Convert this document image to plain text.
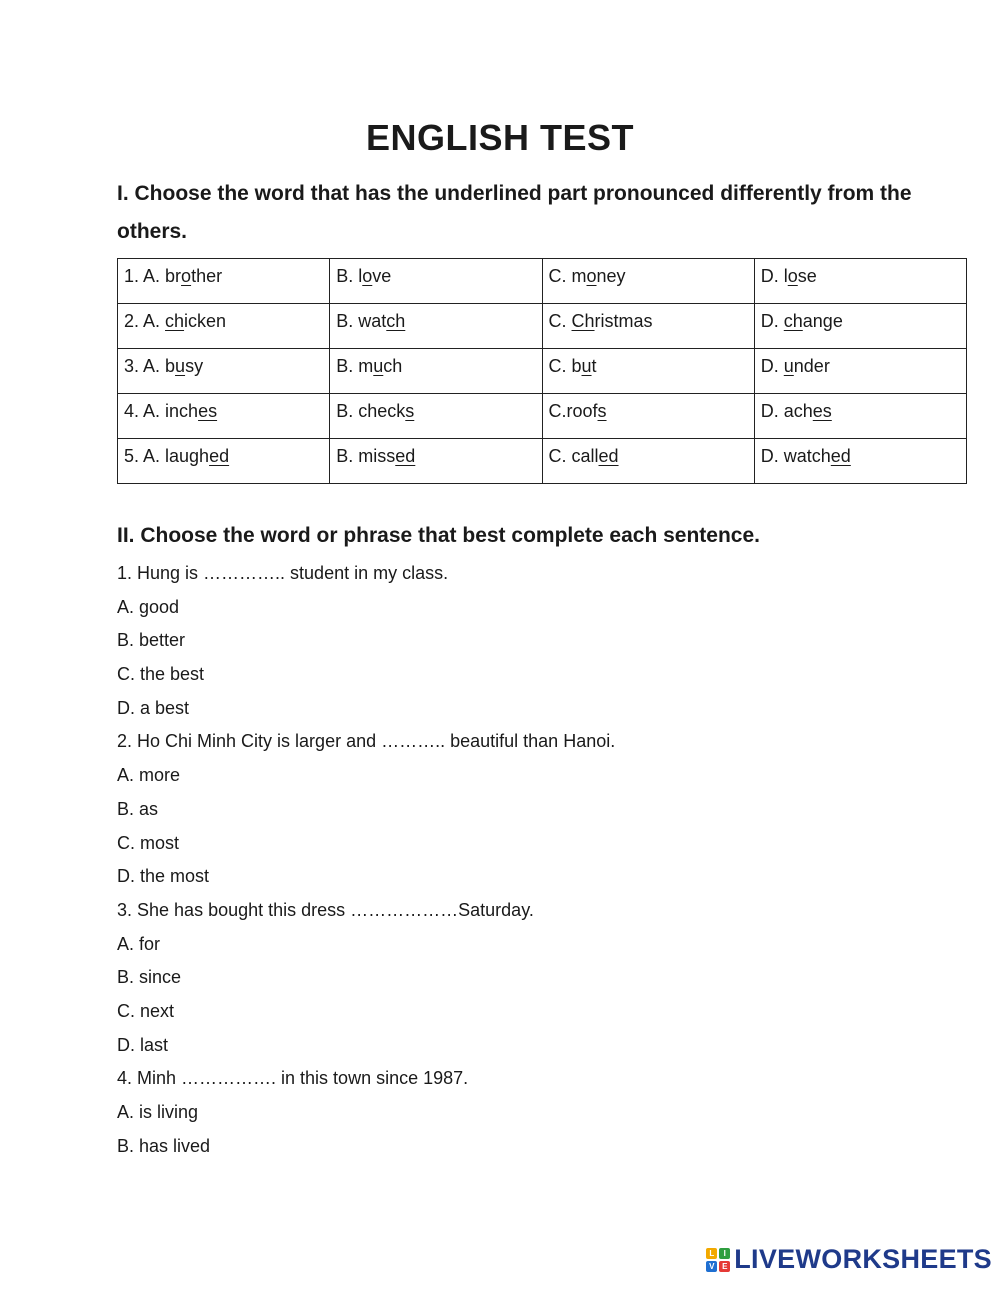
ENGLISH TEST

I. Choose the word that has the underlined part pronounced differently from the others.

1. A. brother	B. love	C. money	D. lose
2. A. chicken	B. watch	C. Christmas	D. change
3. A. busy	B. much	C. but	D. under
4. A. inches	B. checks	C.roofs	D. aches
5. A. laughed	B. missed	C. called	D. watched

II. Choose the word or phrase that best complete each sentence.

1. Hung is ………….. student in my class.
A. good
B. better
C. the best
D. a best
2. Ho Chi Minh City is larger and ……….. beautiful than Hanoi.
A. more
B. as
C. most
D. the most
3. She has bought this dress ………………Saturday.
A. for
B. since
C. next
D. last
4. Minh ……………. in this town since 1987.
A. is living
B. has lived
L	I
V E LIVEWORKSHEETS
